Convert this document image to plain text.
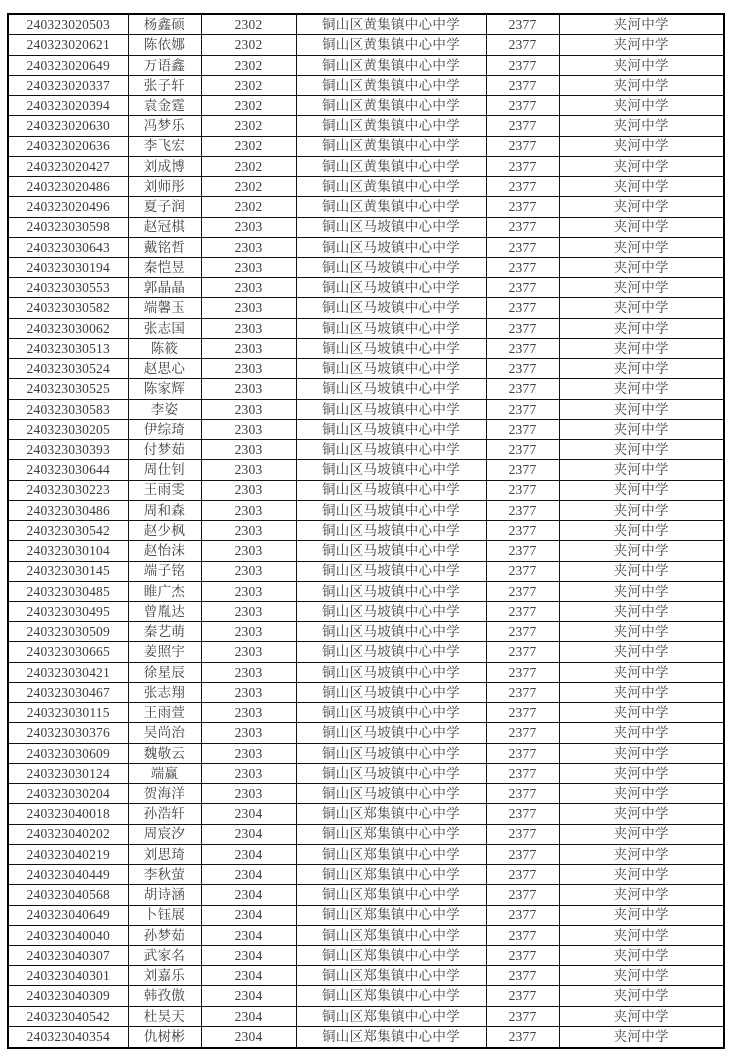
240323020503	杨鑫硕	2302	铜山区黄集镇中心中学	2377	夹河中学
240323020621	陈依娜	2302	铜山区黄集镇中心中学	2377	夹河中学
240323020649	万语鑫	2302	铜山区黄集镇中心中学	2377	夹河中学
240323020337	张子轩	2302	铜山区黄集镇中心中学	2377	夹河中学
240323020394	袁金霆	2302	铜山区黄集镇中心中学	2377	夹河中学
240323020630	冯梦乐	2302	铜山区黄集镇中心中学	2377	夹河中学
240323020636	李飞宏	2302	铜山区黄集镇中心中学	2377	夹河中学
240323020427	刘成博	2302	铜山区黄集镇中心中学	2377	夹河中学
240323020486	刘师彤	2302	铜山区黄集镇中心中学	2377	夹河中学
240323020496	夏子润	2302	铜山区黄集镇中心中学	2377	夹河中学
240323030598	赵冠棋	2303	铜山区马坡镇中心中学	2377	夹河中学
240323030643	戴铭哲	2303	铜山区马坡镇中心中学	2377	夹河中学
240323030194	秦恺昱	2303	铜山区马坡镇中心中学	2377	夹河中学
240323030553	郭晶晶	2303	铜山区马坡镇中心中学	2377	夹河中学
240323030582	端馨玉	2303	铜山区马坡镇中心中学	2377	夹河中学
240323030062	张志国	2303	铜山区马坡镇中心中学	2377	夹河中学
240323030513	陈筱	2303	铜山区马坡镇中心中学	2377	夹河中学
240323030524	赵思心	2303	铜山区马坡镇中心中学	2377	夹河中学
240323030525	陈家辉	2303	铜山区马坡镇中心中学	2377	夹河中学
240323030583	李姿	2303	铜山区马坡镇中心中学	2377	夹河中学
240323030205	伊综琦	2303	铜山区马坡镇中心中学	2377	夹河中学
240323030393	付梦茹	2303	铜山区马坡镇中心中学	2377	夹河中学
240323030644	周仕钊	2303	铜山区马坡镇中心中学	2377	夹河中学
240323030223	王雨雯	2303	铜山区马坡镇中心中学	2377	夹河中学
240323030486	周和森	2303	铜山区马坡镇中心中学	2377	夹河中学
240323030542	赵少枫	2303	铜山区马坡镇中心中学	2377	夹河中学
240323030104	赵怡沫	2303	铜山区马坡镇中心中学	2377	夹河中学
240323030145	端子铭	2303	铜山区马坡镇中心中学	2377	夹河中学
240323030485	睢广杰	2303	铜山区马坡镇中心中学	2377	夹河中学
240323030495	曾胤达	2303	铜山区马坡镇中心中学	2377	夹河中学
240323030509	秦艺萌	2303	铜山区马坡镇中心中学	2377	夹河中学
240323030665	姜照宇	2303	铜山区马坡镇中心中学	2377	夹河中学
240323030421	徐星辰	2303	铜山区马坡镇中心中学	2377	夹河中学
240323030467	张志翔	2303	铜山区马坡镇中心中学	2377	夹河中学
240323030115	王雨萱	2303	铜山区马坡镇中心中学	2377	夹河中学
240323030376	吴尚治	2303	铜山区马坡镇中心中学	2377	夹河中学
240323030609	魏敬云	2303	铜山区马坡镇中心中学	2377	夹河中学
240323030124	端赢	2303	铜山区马坡镇中心中学	2377	夹河中学
240323030204	贺海洋	2303	铜山区马坡镇中心中学	2377	夹河中学
240323040018	孙浩轩	2304	铜山区郑集镇中心中学	2377	夹河中学
240323040202	周宸汐	2304	铜山区郑集镇中心中学	2377	夹河中学
240323040219	刘思琦	2304	铜山区郑集镇中心中学	2377	夹河中学
240323040449	李秋萤	2304	铜山区郑集镇中心中学	2377	夹河中学
240323040568	胡诗涵	2304	铜山区郑集镇中心中学	2377	夹河中学
240323040649	卜钰展	2304	铜山区郑集镇中心中学	2377	夹河中学
240323040040	孙梦茹	2304	铜山区郑集镇中心中学	2377	夹河中学
240323040307	武家名	2304	铜山区郑集镇中心中学	2377	夹河中学
240323040301	刘嘉乐	2304	铜山区郑集镇中心中学	2377	夹河中学
240323040309	韩孜傲	2304	铜山区郑集镇中心中学	2377	夹河中学
240323040542	杜昊天	2304	铜山区郑集镇中心中学	2377	夹河中学
240323040354	仇树彬	2304	铜山区郑集镇中心中学	2377	夹河中学
